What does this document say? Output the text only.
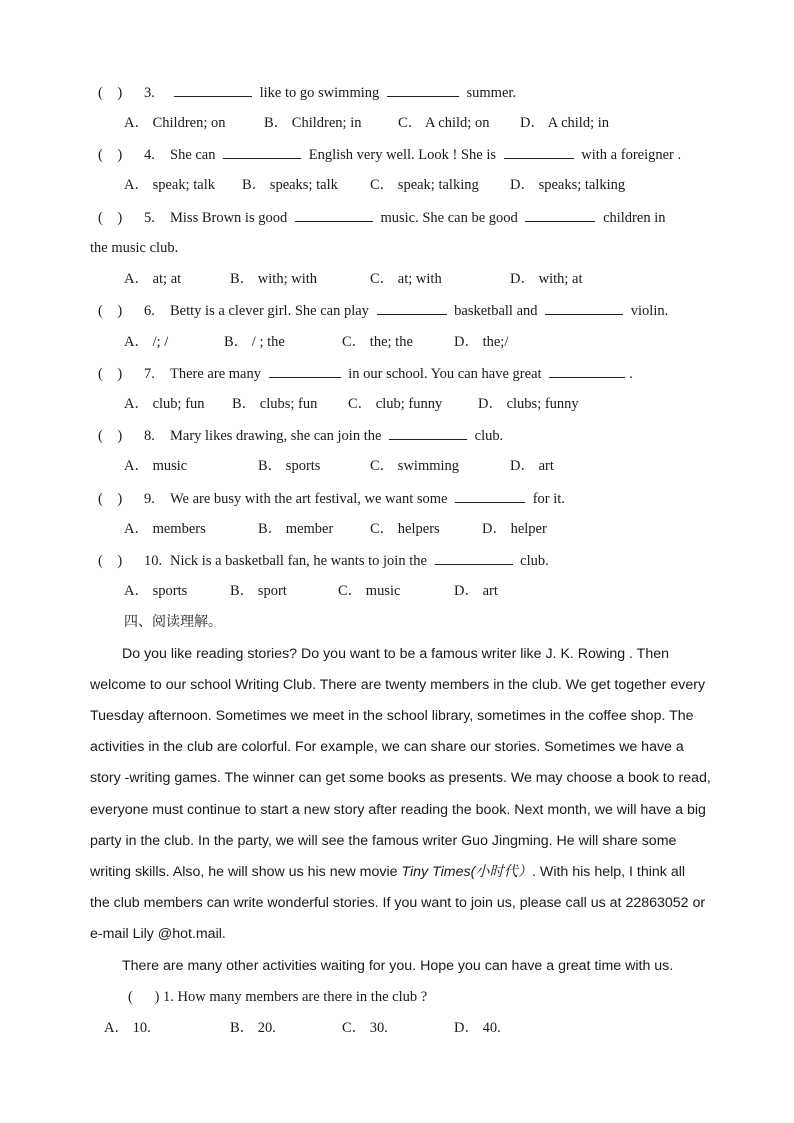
(    ) 3.	like to go swimming	summer.
A． Children; on	B． Children; in	C． A child; on D． A child; in
(    ) 4. She can	English very well. Look ! She is	with a foreigner .
A． speak; talk B． speaks; talk C． speak; talking D． speaks; talking
(    ) 5. Miss Brown is good	music. She can be good	children in
the music club.
A． at; at	B． with; with	C． at; with	D． with; at
(    ) 6. Betty is a clever girl. She can play	basketball and	violin.
A． /; /	B． / ; the	C． the; the	D． the;/
(    ) 7. There are many	in our school. You can have great	.
A． club; fun B． clubs; fun C． club; funny D． clubs; funny
(    ) 8. Mary likes drawing, she can join the	club.
A． music	B． sports	C． swimming	D． art
(    ) 9. We are busy with the art festival, we want some	for it.
A． members	B． member	C． helpers	D． helper
(    ) 10. Nick is a basketball fan, he wants to join the	club.
A． sports	B． sport	C． music	D． art
四、阅读理解。
Do you like reading stories? Do you want to be a famous writer like J. K. Rowing . Then
welcome to our school Writing Club. There are twenty members in the club. We get together every
Tuesday afternoon. Sometimes we meet in the school library, sometimes in the coffee shop. The
activities in the club are colorful. For example, we can share our stories. Sometimes we have a
story -writing games. The winner can get some books as presents. We may choose a book to read,
everyone must continue to start a new story after reading the book. Next month, we will have a big
party in the club. In the party, we will see the famous writer Guo Jingming. He will share some
writing skills. Also, he will show us his new movie Tiny Times(小时代）. With his help, I think all
the club members can write wonderful stories. If you want to join us, please call us at 22863052 or
e-mail Lily @hot.mail.
There are many other activities waiting for you. Hope you can have a great time with us.
(      ) 1. How many members are there in the club ?
A． 10.	B． 20.	C． 30.	D． 40.
